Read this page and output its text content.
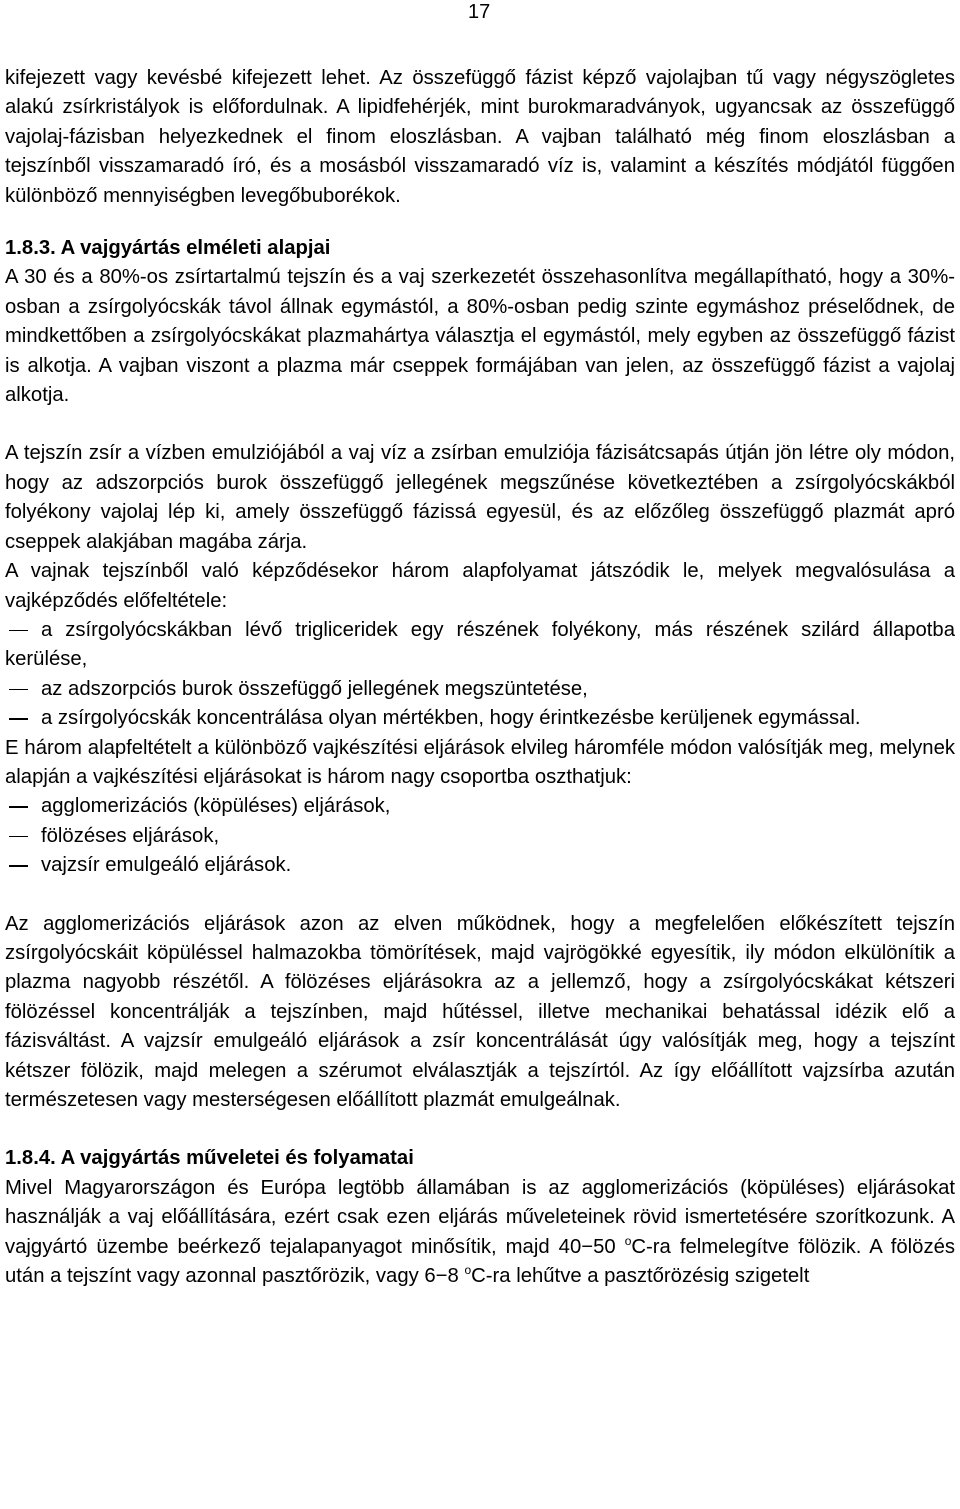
17

kifejezett vagy kevésbé kifejezett lehet. Az összefüggő fázist képző vajolajban tű vagy négyszögletes alakú zsírkristályok is előfordulnak. A lipidfehérjék, mint burokmaradványok, ugyancsak az összefüggő vajolaj-fázisban helyezkednek el finom eloszlásban. A vajban található még finom eloszlásban a tejszínből visszamaradó író, és a mosásból visszamaradó víz is, valamint a készítés módjától függően különböző mennyiségben levegőbuborékok.

1.8.3. A vajgyártás elméleti alapjai

A 30 és a 80%-os zsírtartalmú tejszín és a vaj szerkezetét összehasonlítva megállapítható, hogy a 30%-osban a zsírgolyócskák távol állnak egymástól, a 80%-osban pedig szinte egymáshoz préselődnek, de mindkettőben a zsírgolyócskákat plazmahártya választja el egymástól, mely egyben az összefüggő fázist is alkotja. A vajban viszont a plazma már cseppek formájában van jelen, az összefüggő fázist a vajolaj alkotja.

A tejszín zsír a vízben emulziójából a vaj víz a zsírban emulziója fázisátcsapás útján jön létre oly módon, hogy az adszorpciós burok összefüggő jellegének megszűnése következtében a zsírgolyócskákból folyékony vajolaj lép ki, amely összefüggő fázissá egyesül, és az előzőleg összefüggő plazmát apró cseppek alakjában magába zárja.

A vajnak tejszínből való képződésekor három alapfolyamat játszódik le, melyek megvalósulása a vajképződés előfeltétele:

a zsírgolyócskákban lévő trigliceridek egy részének folyékony, más részének szilárd állapotba kerülése,

az adszorpciós burok összefüggő jellegének megszüntetése,

a zsírgolyócskák koncentrálása olyan mértékben, hogy érintkezésbe kerüljenek egymással.

E három alapfeltételt a különböző vajkészítési eljárások elvileg háromféle módon valósítják meg, melynek alapján a vajkészítési eljárásokat is három nagy csoportba oszthatjuk:

agglomerizációs (köpüléses) eljárások,

fölözéses eljárások,

vajzsír emulgeáló eljárások.

Az agglomerizációs eljárások azon az elven működnek, hogy a megfelelően előkészített tejszín zsírgolyócskáit köpüléssel halmazokba tömörítések, majd vajrögökké egyesítik, ily módon elkülönítik a plazma nagyobb részétől. A fölözéses eljárásokra az a jellemző, hogy a zsírgolyócskákat kétszeri fölözéssel koncentrálják a tejszínben, majd hűtéssel, illetve mechanikai behatással idézik elő a fázisváltást. A vajzsír emulgeáló eljárások a zsír koncentrálását úgy valósítják meg, hogy a tejszínt kétszer fölözik, majd melegen a szérumot elválasztják a tejszírtól. Az így előállított vajzsírba azután természetesen vagy mesterségesen előállított plazmát emulgeálnak.

1.8.4. A vajgyártás műveletei és folyamatai

Mivel Magyarországon és Európa legtöbb államában is az agglomerizációs (köpüléses) eljárásokat használják a vaj előállítására, ezért csak ezen eljárás műveleteinek rövid ismertetésére szorítkozunk. A vajgyártó üzembe beérkező tejalapanyagot minősítik, majd 40−50 $^o$C-ra felmelegítve fölözik. A fölözés után a tejszínt vagy azonnal pasztőrözik, vagy 6−8 $^o$C-ra lehűtve a pasztőrözésig szigetelt
